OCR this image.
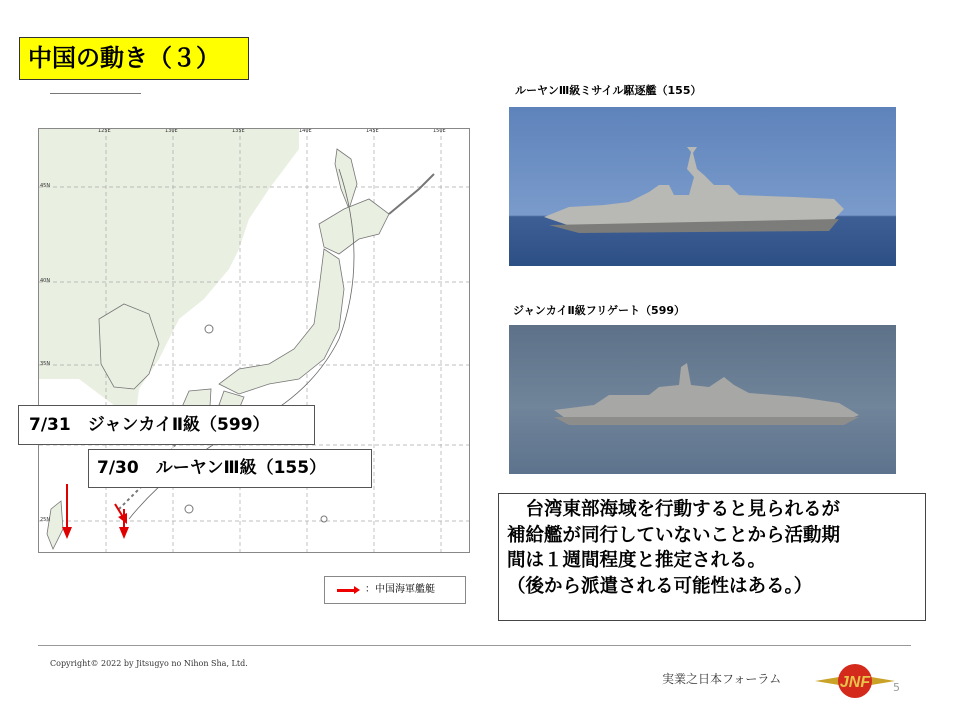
中国の動き（３）
125E	130E	135E	140E	145E	150E
45N
40N
35N
25N
7/31　ジャンカイⅡ級（599）
7/30　ルーヤンⅢ級（155）
：中国海軍艦艇
ルーヤンⅢ級ミサイル駆逐艦（155）
ジャンカイⅡ級フリゲート（599）
　台湾東部海域を行動すると見られるが
補給艦が同行していないことから活動期
間は１週間程度と推定される。
（後から派遣される可能性はある。）
Copyright© 2022 by Jitsugyo no Nihon Sha, Ltd.
実業之日本フォーラム	JNF 5
